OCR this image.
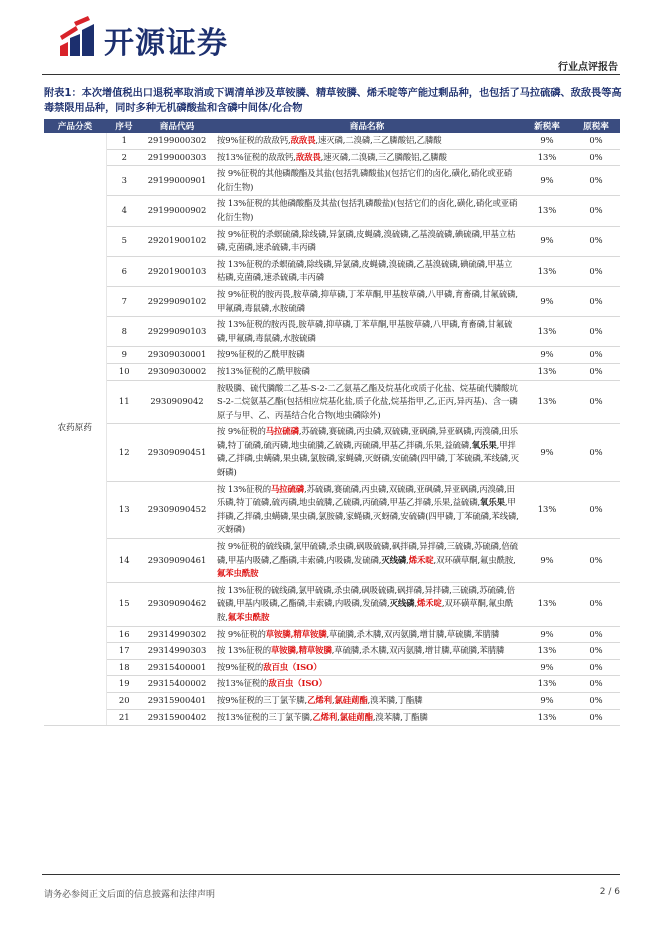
开源证券
行业点评报告
附表1：本次增值税出口退税率取消或下调清单涉及草铵膦、精草铵膦、烯禾啶等产能过剩品种，也包括了马拉硫磷、敌敌畏等高毒禁限用品种，同时多种无机磷酸盐和含磷中间体/化合物
产品分类	序号	商品代码	商品名称	新税率	原税率
农药原药	1	29199000302	按9%征税的敌敌钙,敌敌畏,速灭磷,二溴磷,三乙膦酸铝,乙膦酸	9%	0%
	2	29199000303	按13%征税的敌敌钙,敌敌畏,速灭磷,二溴磷,三乙膦酸铝,乙膦酸	13%	0%
	3	29199000901	按 9%征税的其他磷酸酯及其盐(包括乳磷酸盐)(包括它们的卤化,磺化,硝化或亚硝化衍生物)	9%	0%
	4	29199000902	按 13%征税的其他磷酸酯及其盐(包括乳磷酸盐)(包括它们的卤化,磺化,硝化或亚硝化衍生物)	13%	0%
	5	29201900102	按 9%征税的杀螟硫磷,除线磷,异氯磷,皮蝇磷,溴硫磷,乙基溴硫磷,碘硫磷,甲基立枯磷,克菌磷,速杀硫磷,丰丙磷	9%	0%
	6	29201900103	按 13%征税的杀螟硫磷,除线磷,异氯磷,皮蝇磷,溴硫磷,乙基溴硫磷,碘硫磷,甲基立枯磷,克菌磷,速杀硫磷,丰丙磷	13%	0%
	7	29299090102	按 9%征税的胺丙畏,胺草磷,抑草磷,丁苯草酮,甲基胺草磷,八甲磷,育畜磷,甘氟硫磷,甲氟磷,毒鼠磷,水胺硫磷	9%	0%
	8	29299090103	按 13%征税的胺丙畏,胺草磷,抑草磷,丁苯草酮,甲基胺草磷,八甲磷,育畜磷,甘氟硫磷,甲氟磷,毒鼠磷,水胺硫磷	13%	0%
	9	29309030001	按9%征税的乙酰甲胺磷	9%	0%
	10	29309030002	按13%征税的乙酰甲胺磷	13%	0%
	11	2930909042	胺吸膦、硫代膦酸二乙基-S-2-二乙氨基乙酯及烷基化或质子化盐、烷基硫代膦酸坑 S-2-二烷氨基乙酯(包括相应烷基化盐,质子化盐,烷基指甲,乙,正丙,异丙基)、含一磷原子与甲、乙、丙基结合化合物(地虫磷除外)	13%	0%
	12	29309090451	按 9%征税的马拉硫磷,苏硫磷,赛硫磷,丙虫磷,双硫磷,亚砜磷,异亚砜磷,丙溴磷,田乐磷,特丁硫磷,硫丙磷,地虫硫膦,乙硫磷,丙硫磷,甲基乙拌磷,乐果,益硫磷,氧乐果,甲拌磷,乙拌磷,虫螨磷,果虫磷,氯胺磷,家蝇磷,灭蚜磷,安硫磷(四甲磷,丁苯硫磷,苯线磷,灭蚜磷)	9%	0%
	13	29309090452	按 13%征税的马拉硫磷,苏硫磷,赛硫磷,丙虫磷,双硫磷,亚砜磷,异亚砜磷,丙溴磷,田乐磷,特丁硫磷,硫丙磷,地虫硫膦,乙硫磷,丙硫磷,甲基乙拌磷,乐果,益硫磷,氧乐果,甲拌磷,乙拌磷,虫螨磷,果虫磷,氯胺磷,家蝇磷,灭蚜磷,安硫磷(四甲磷,丁苯硫磷,苯线磷,灭蚜磷)	13%	0%
	14	29309090461	按 9%征税的硫线磷,氯甲硫磷,杀虫磷,砜吸硫磷,砜拌磷,异拌磷,三硫磷,苏硫磷,倍硫磷,甲基内吸磷,乙酯磷,丰索磷,内吸磷,发硫磷,灭线磷,烯禾啶,双环磺草酮,氟虫酰胺,氟苯虫酰胺	9%	0%
	15	29309090462	按 13%征税的硫线磷,氯甲硫磷,杀虫磷,砜吸硫磷,砜拌磷,异拌磷,三硫磷,苏硫磷,倍硫磷,甲基内吸磷,乙酯磷,丰索磷,内吸磷,发硫磷,灭线磷,烯禾啶,双环磺草酮,氟虫酰胺,氟苯虫酰胺	13%	0%
	16	29314990302	按 9%征税的草铵膦,精草铵膦,草硫膦,杀木膦,双丙氨膦,增甘膦,草硫膦,苯腈膦	9%	0%
	17	29314990303	按 13%征税的草铵膦,精草铵膦,草硫膦,杀木膦,双丙氨膦,增甘膦,草硫膦,苯腈膦	13%	0%
	18	29315400001	按9%征税的敌百虫（ISO）	9%	0%
	19	29315400002	按13%征税的敌百虫（ISO）	13%	0%
	20	29315900401	按9%征税的三丁氯苄膦,乙烯利,氯硅荝酯,溴苯膦,丁酯膦	9%	0%
	21	29315900402	按13%征税的三丁氯苄膦,乙烯利,氯硅荝酯,溴苯膦,丁酯膦	13%	0%
请务必参阅正文后面的信息披露和法律声明	2 / 6
